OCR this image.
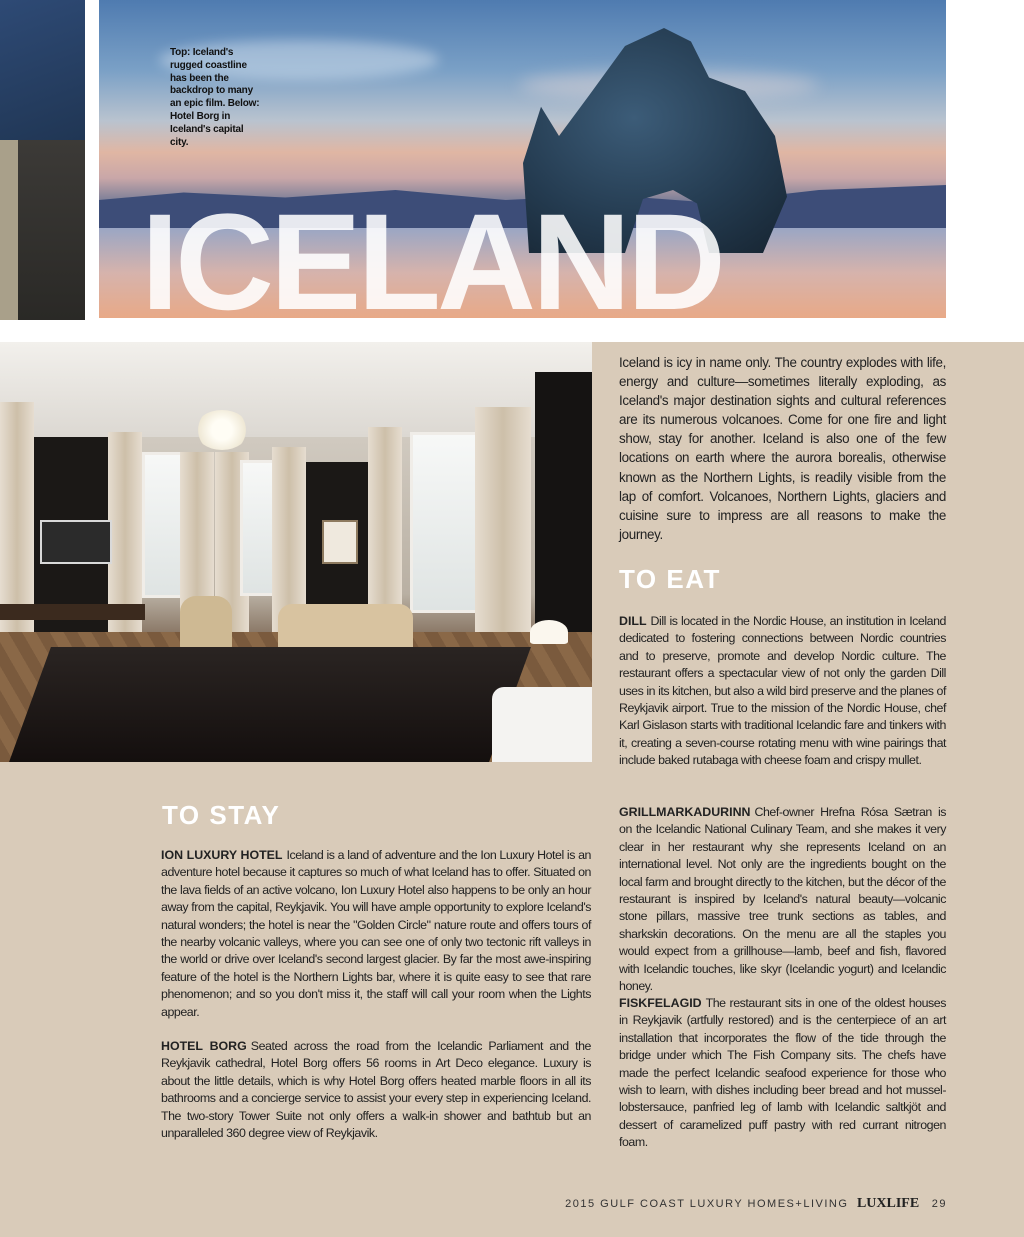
Top: Iceland's rugged coastline has been the backdrop to many an epic film. Below: Hotel Borg in Iceland's capital city.
ICELAND
Iceland is icy in name only. The country explodes with life, energy and culture—sometimes literally exploding, as Iceland's major destination sights and cultural references are its numerous volcanoes. Come for one fire and light show, stay for another. Iceland is also one of the few locations on earth where the aurora borealis, otherwise known as the Northern Lights, is readily visible from the lap of comfort. Volcanoes, Northern Lights, glaciers and cuisine sure to impress are all reasons to make the journey.
TO EAT
DILL Dill is located in the Nordic House, an institution in Iceland dedicated to fostering connections between Nordic countries and to preserve, promote and develop Nordic culture. The restaurant offers a spectacular view of not only the garden Dill uses in its kitchen, but also a wild bird preserve and the planes of Reykjavik airport. True to the mission of the Nordic House, chef Karl Gislason starts with traditional Icelandic fare and tinkers with it, creating a seven-course rotating menu with wine pairings that include baked rutabaga with cheese foam and crispy mullet.
GRILLMARKADURINN Chef-owner Hrefna Rósa Sætran is on the Icelandic National Culinary Team, and she makes it very clear in her restaurant why she represents Iceland on an international level. Not only are the ingredients bought on the local farm and brought directly to the kitchen, but the décor of the restaurant is inspired by Iceland's natural beauty—volcanic stone pillars, massive tree trunk sections as tables, and sharkskin decorations. On the menu are all the staples you would expect from a grillhouse—lamb, beef and fish, flavored with Icelandic touches, like skyr (Icelandic yogurt) and Icelandic honey.
FISKFELAGID The restaurant sits in one of the oldest houses in Reykjavik (artfully restored) and is the centerpiece of an art installation that incorporates the flow of the tide through the bridge under which The Fish Company sits. The chefs have made the perfect Icelandic seafood experience for those who wish to learn, with dishes including beer bread and hot mussel-lobstersauce, panfried leg of lamb with Icelandic saltkjöt and dessert of caramelized puff pastry with red currant nitrogen foam.
TO STAY
ION LUXURY HOTEL Iceland is a land of adventure and the Ion Luxury Hotel is an adventure hotel because it captures so much of what Iceland has to offer. Situated on the lava fields of an active volcano, Ion Luxury Hotel also happens to be only an hour away from the capital, Reykjavik. You will have ample opportunity to explore Iceland's natural wonders; the hotel is near the "Golden Circle" nature route and offers tours of the nearby volcanic valleys, where you can see one of only two tectonic rift valleys in the world or drive over Iceland's second largest glacier. By far the most awe-inspiring feature of the hotel is the Northern Lights bar, where it is quite easy to see that rare phenomenon; and so you don't miss it, the staff will call your room when the Lights appear.
HOTEL BORG Seated across the road from the Icelandic Parliament and the Reykjavik cathedral, Hotel Borg offers 56 rooms in Art Deco elegance. Luxury is about the little details, which is why Hotel Borg offers heated marble floors in all its bathrooms and a concierge service to assist your every step in experiencing Iceland. The two-story Tower Suite not only offers a walk-in shower and bathtub but an unparalleled 360 degree view of Reykjavik.
2015 GULF COAST LUXURY HOMES+LIVING LUXLIFE 29
